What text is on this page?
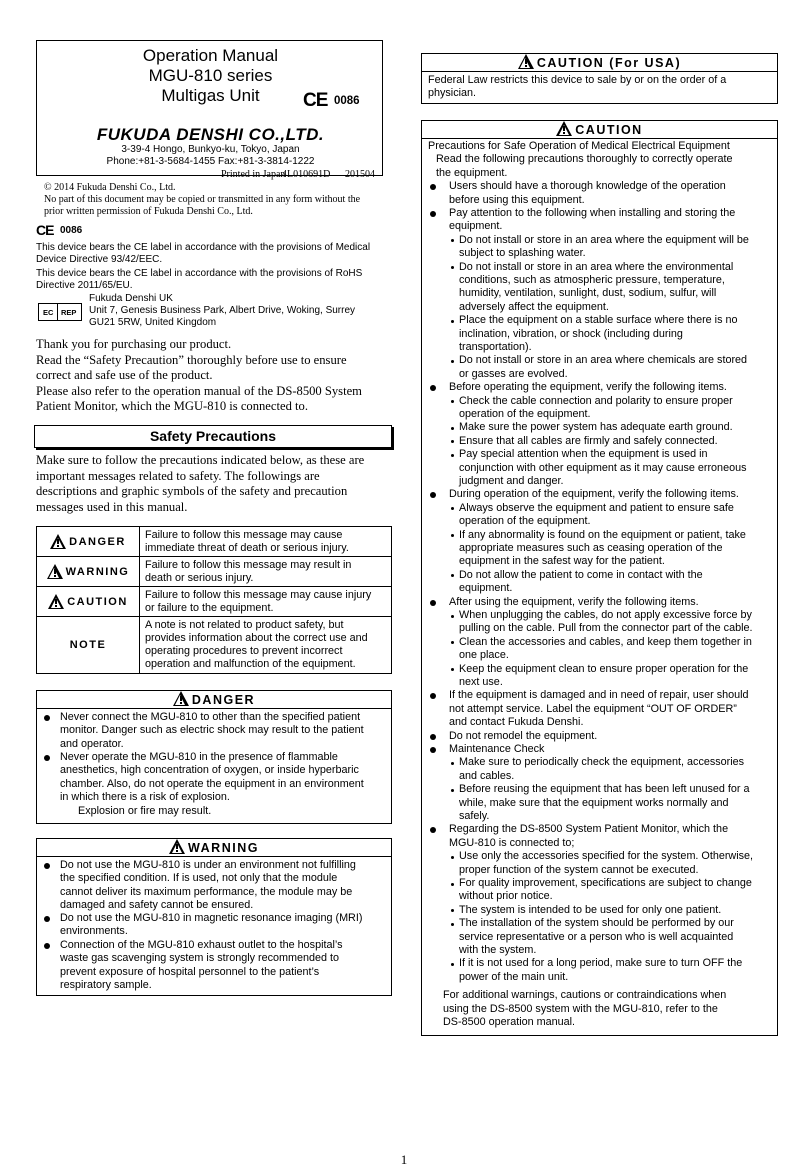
Operation Manual
MGU-810 series
Multigas Unit	CE 0086
FUKUDA DENSHI CO.,LTD.
3-39-4 Hongo, Bunkyo-ku, Tokyo, Japan
Phone:+81-3-5684-1455 Fax:+81-3-3814-1222
Printed in Japan
4L010691D 201504
© 2014 Fukuda Denshi Co., Ltd.
No part of this document may be copied or transmitted in any form without the
prior written permission of Fukuda Denshi Co., Ltd.
CE 0086
This device bears the CE label in accordance with the provisions of Medical
Device Directive 93/42/EEC.
This device bears the CE label in accordance with the provisions of RoHS
Directive 2011/65/EU.
EC REP
Fukuda Denshi UK
Unit 7, Genesis Business Park, Albert Drive, Woking, Surrey
GU21 5RW, United Kingdom
Thank you for purchasing our product.
Read the “Safety Precaution” thoroughly before use to ensure
correct and safe use of the product.
Please also refer to the operation manual of the DS-8500 System
Patient Monitor, which the MGU-810 is connected to.
Safety Precautions
Make sure to follow the precautions indicated below, as these are
important messages related to safety. The followings are
descriptions and graphic symbols of the safety and precaution
messages used in this manual.
DANGER
Failure to follow this message may cause
immediate threat of death or serious injury.
WARNING
Failure to follow this message may result in
death or serious injury.
CAUTION
Failure to follow this message may cause injury
or failure to the equipment.
NOTE
A note is not related to product safety, but
provides information about the correct use and
operating procedures to prevent incorrect
operation and malfunction of the equipment.
DANGER
Never connect the MGU-810 to other than the specified patient
monitor. Danger such as electric shock may result to the patient
and operator.
Never operate the MGU-810 in the presence of flammable
anesthetics, high concentration of oxygen, or inside hyperbaric
chamber. Also, do not operate the equipment in an environment
in which there is a risk of explosion.
Explosion or fire may result.
WARNING
Do not use the MGU-810 is under an environment not fulfilling
the specified condition. If is used, not only that the module
cannot deliver its maximum performance, the module may be
damaged and safety cannot be ensured.
Do not use the MGU-810 in magnetic resonance imaging (MRI)
environments.
Connection of the MGU-810 exhaust outlet to the hospital’s
waste gas scavenging system is strongly recommended to
prevent exposure of hospital personnel to the patient’s
respiratory sample.
CAUTION (For USA)
Federal Law restricts this device to sale by or on the order of a
physician.
CAUTION
Precautions for Safe Operation of Medical Electrical Equipment
Read the following precautions thoroughly to correctly operate
the equipment.
Users should have a thorough knowledge of the operation
before using this equipment.
Pay attention to the following when installing and storing the
equipment.
Do not install or store in an area where the equipment will be
subject to splashing water.
Do not install or store in an area where the environmental
conditions, such as atmospheric pressure, temperature,
humidity, ventilation, sunlight, dust, sodium, sulfur, will
adversely affect the equipment.
Place the equipment on a stable surface where there is no
inclination, vibration, or shock (including during
transportation).
Do not install or store in an area where chemicals are stored
or gasses are evolved.
Before operating the equipment, verify the following items.
Check the cable connection and polarity to ensure proper
operation of the equipment.
Make sure the power system has adequate earth ground.
Ensure that all cables are firmly and safely connected.
Pay special attention when the equipment is used in
conjunction with other equipment as it may cause erroneous
judgment and danger.
During operation of the equipment, verify the following items.
Always observe the equipment and patient to ensure safe
operation of the equipment.
If any abnormality is found on the equipment or patient, take
appropriate measures such as ceasing operation of the
equipment in the safest way for the patient.
Do not allow the patient to come in contact with the
equipment.
After using the equipment, verify the following items.
When unplugging the cables, do not apply excessive force by
pulling on the cable. Pull from the connector part of the cable.
Clean the accessories and cables, and keep them together in
one place.
Keep the equipment clean to ensure proper operation for the
next use.
If the equipment is damaged and in need of repair, user should
not attempt service. Label the equipment “OUT OF ORDER”
and contact Fukuda Denshi.
Do not remodel the equipment.
Maintenance Check
Make sure to periodically check the equipment, accessories
and cables.
Before reusing the equipment that has been left unused for a
while, make sure that the equipment works normally and
safely.
Regarding the DS-8500 System Patient Monitor, which the
MGU-810 is connected to;
Use only the accessories specified for the system. Otherwise,
proper function of the system cannot be executed.
For quality improvement, specifications are subject to change
without prior notice.
The system is intended to be used for only one patient.
The installation of the system should be performed by our
service representative or a person who is well acquainted
with the system.
If it is not used for a long period, make sure to turn OFF the
power of the main unit.
For additional warnings, cautions or contraindications when
using the DS-8500 system with the MGU-810, refer to the
DS-8500 operation manual.
1
